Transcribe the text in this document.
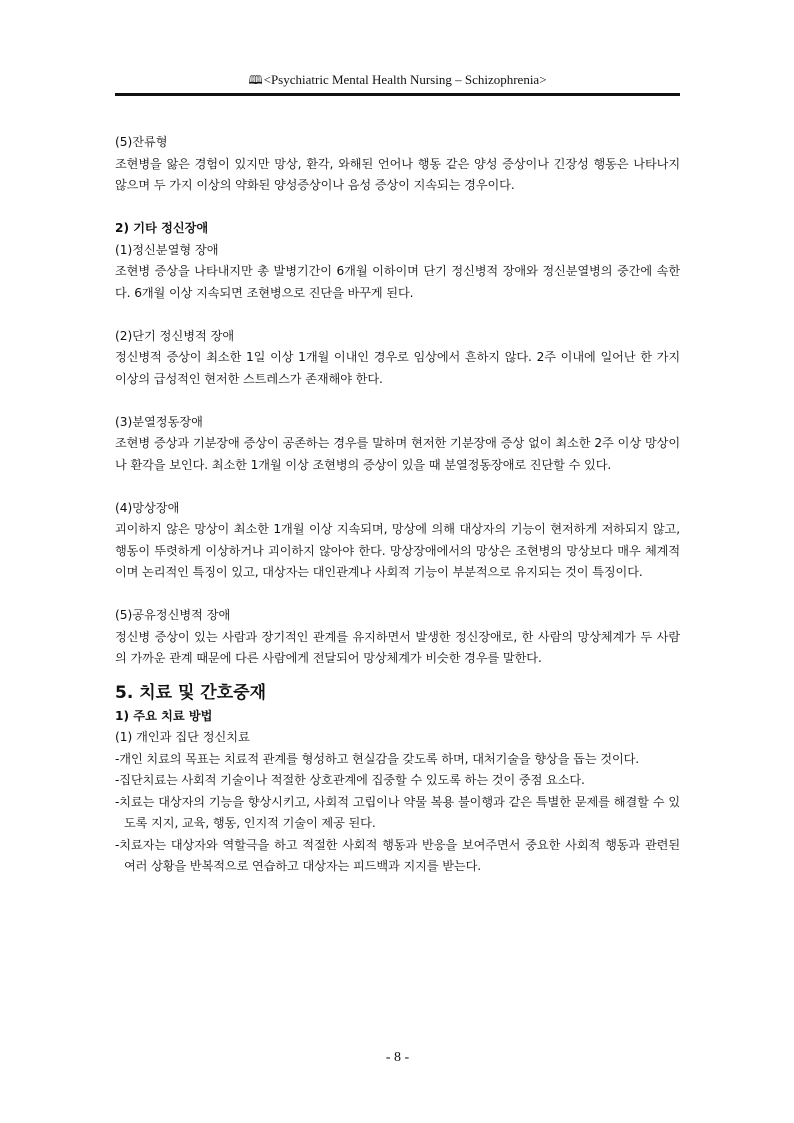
🕮<Psychiatric Mental Health Nursing – Schizophrenia>

(5)잔류형

조현병을 앓은 경험이 있지만 망상, 환각, 와해된 언어나 행동 같은 양성 증상이나 긴장성 행동은 나타나지 않으며 두 가지 이상의 약화된 양성증상이나 음성 증상이 지속되는 경우이다.

2) 기타 정신장애

(1)정신분열형 장애

조현병 증상을 나타내지만 총 발병기간이 6개월 이하이며 단기 정신병적 장애와 정신분열병의 중간에 속한다. 6개월 이상 지속되면 조현병으로 진단을 바꾸게 된다.

(2)단기 정신병적 장애

정신병적 증상이 최소한 1일 이상 1개월 이내인 경우로 임상에서 흔하지 않다. 2주 이내에 일어난 한 가지 이상의 급성적인 현저한 스트레스가 존재해야 한다.

(3)분열정동장애

조현병 증상과 기분장애 증상이 공존하는 경우를 말하며 현저한 기분장애 증상 없이 최소한 2주 이상 망상이나 환각을 보인다. 최소한 1개월 이상 조현병의 증상이 있을 때 분열정동장애로 진단할 수 있다.

(4)망상장애

괴이하지 않은 망상이 최소한 1개월 이상 지속되며, 망상에 의해 대상자의 기능이 현저하게 저하되지 않고, 행동이 뚜렷하게 이상하거나 괴이하지 않아야 한다. 망상장애에서의 망상은 조현병의 망상보다 매우 체계적이며 논리적인 특징이 있고, 대상자는 대인관계나 사회적 기능이 부분적으로 유지되는 것이 특징이다.

(5)공유정신병적 장애

정신병 증상이 있는 사람과 장기적인 관계를 유지하면서 발생한 정신장애로, 한 사람의 망상체계가 두 사람의 가까운 관계 때문에 다른 사람에게 전달되어 망상체계가 비슷한 경우를 말한다.

5. 치료 및 간호중재

1) 주요 치료 방법

(1) 개인과 집단 정신치료

-개인 치료의 목표는 치료적 관계를 형성하고 현실감을 갖도록 하며, 대처기술을 향상을 돕는 것이다.

-집단치료는 사회적 기술이나 적절한 상호관계에 집중할 수 있도록 하는 것이 중점 요소다.

-치료는 대상자의 기능을 향상시키고, 사회적 고립이나 약물 복용 불이행과 같은 특별한 문제를 해결할 수 있도록 지지, 교육, 행동, 인지적 기술이 제공 된다.

-치료자는 대상자와 역할극을 하고 적절한 사회적 행동과 반응을 보여주면서 중요한 사회적 행동과 관련된 여러 상황을 반복적으로 연습하고 대상자는 피드백과 지지를 받는다.

- 8 -
